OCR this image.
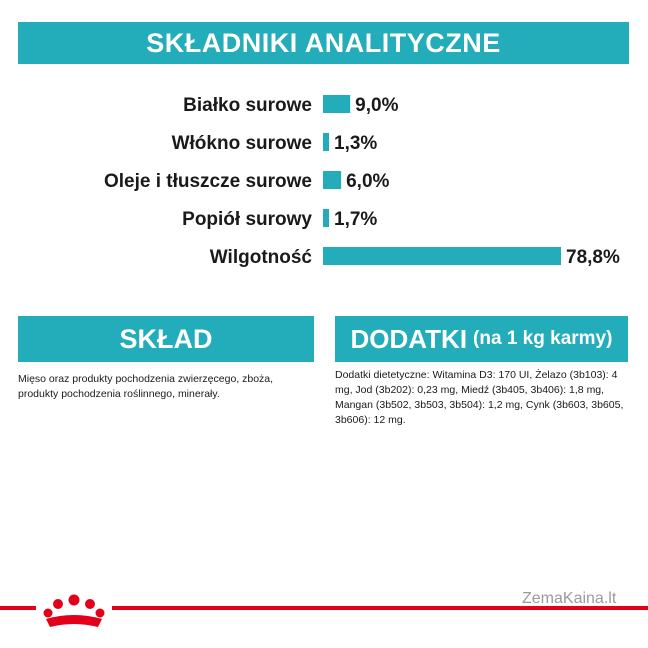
SKŁADNIKI ANALITYCZNE
Białko surowe 9,0%
Włókno surowe 1,3%
Oleje i tłuszcze surowe 6,0%
Popiół surowy 1,7%
Wilgotność	78,8%
SKŁAD

Mięso oraz produkty pochodzenia zwierzęcego, zboża, produkty pochodzenia roślinnego, minerały.

DODATKI (na 1 kg karmy)

Dodatki dietetyczne: Witamina D3: 170 UI, Żelazo (3b103): 4 mg, Jod (3b202): 0,23 mg, Miedź (3b405, 3b406): 1,8 mg, Mangan (3b502, 3b503, 3b504): 1,2 mg, Cynk (3b603, 3b605, 3b606): 12 mg.

ZemaKaina.lt
